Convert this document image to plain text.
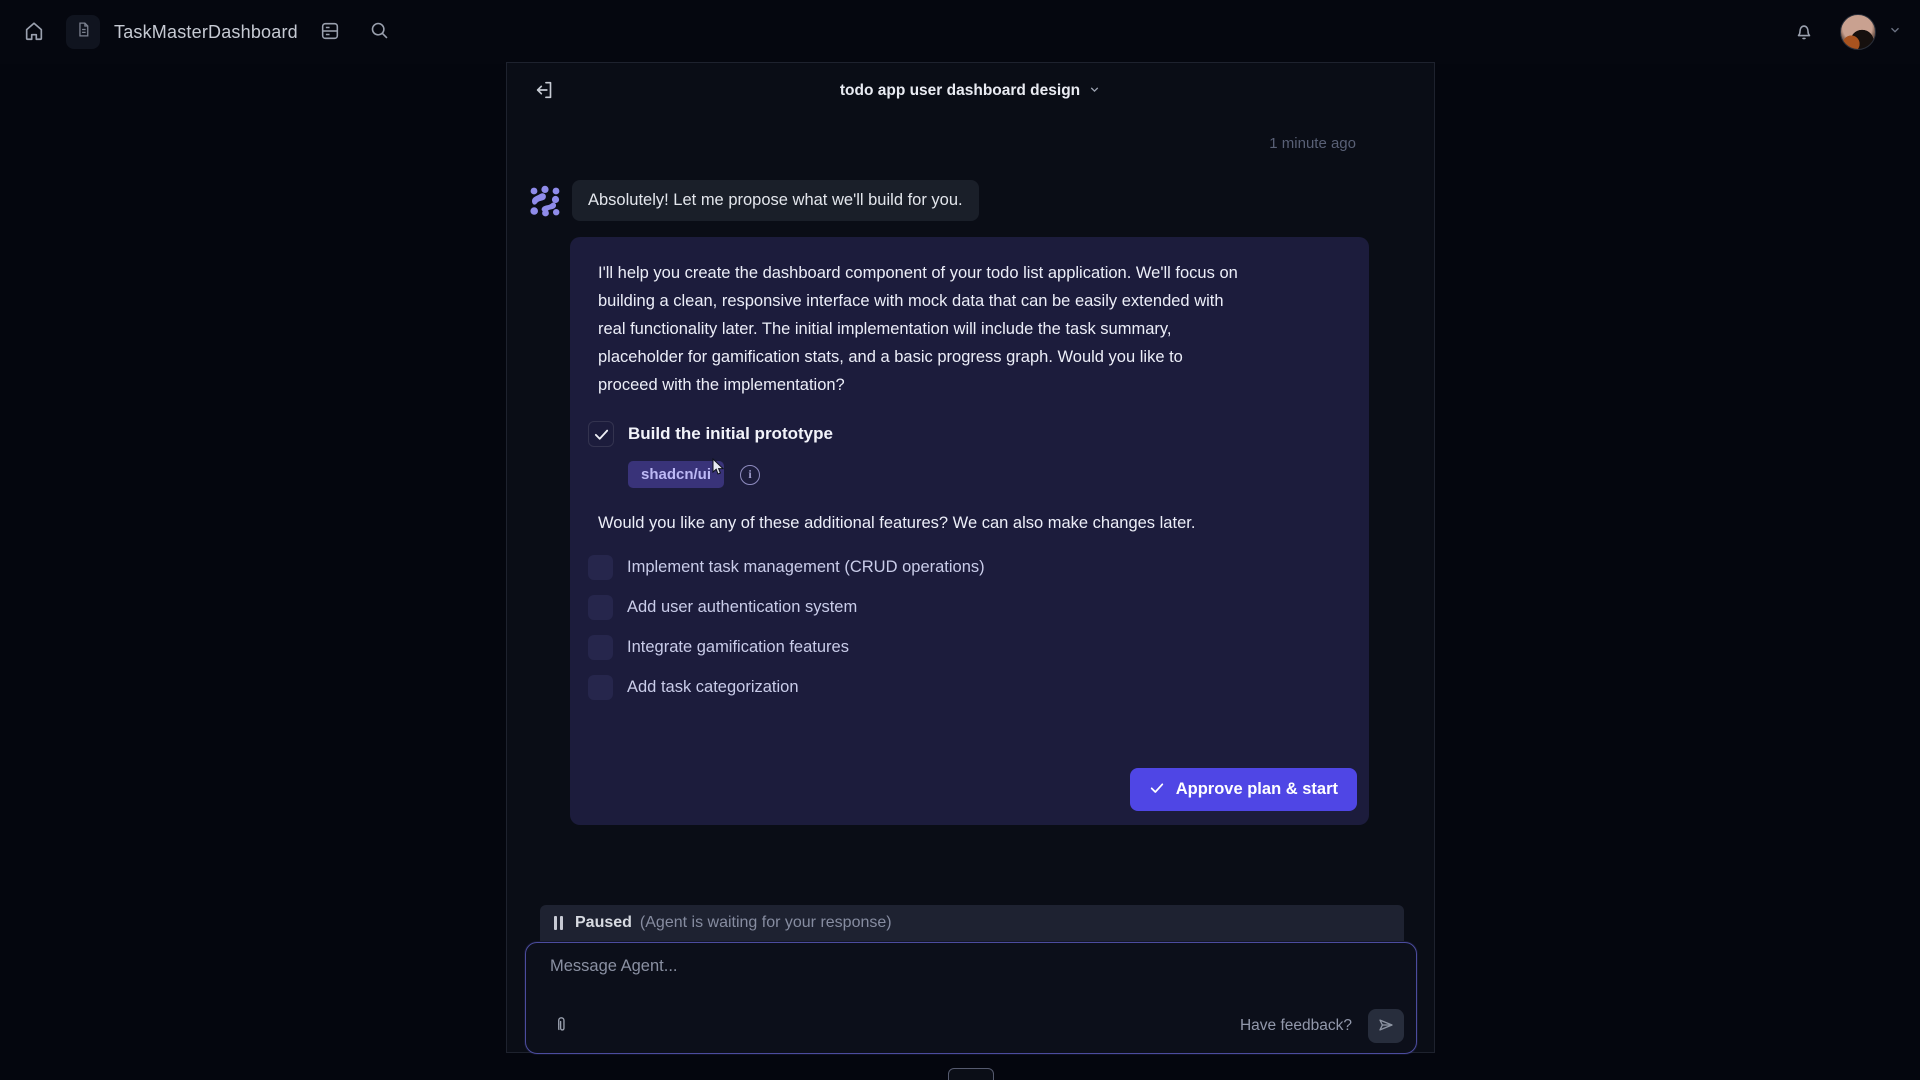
TaskMasterDashboard
todo app user dashboard design
1 minute ago
Absolutely! Let me propose what we'll build for you.

I'll help you create the dashboard component of your todo list application. We'll focus on building a clean, responsive interface with mock data that can be easily extended with real functionality later. The initial implementation will include the task summary, placeholder for gamification stats, and a basic progress graph. Would you like to proceed with the implementation?

Build the initial prototype
shadcn/ui	i

Would you like any of these additional features? We can also make changes later.

Implement task management (CRUD operations)
Add user authentication system
Integrate gamification features
Add task categorization
Approve plan & start
Paused (Agent is waiting for your response)
Message Agent...
Have feedback?
